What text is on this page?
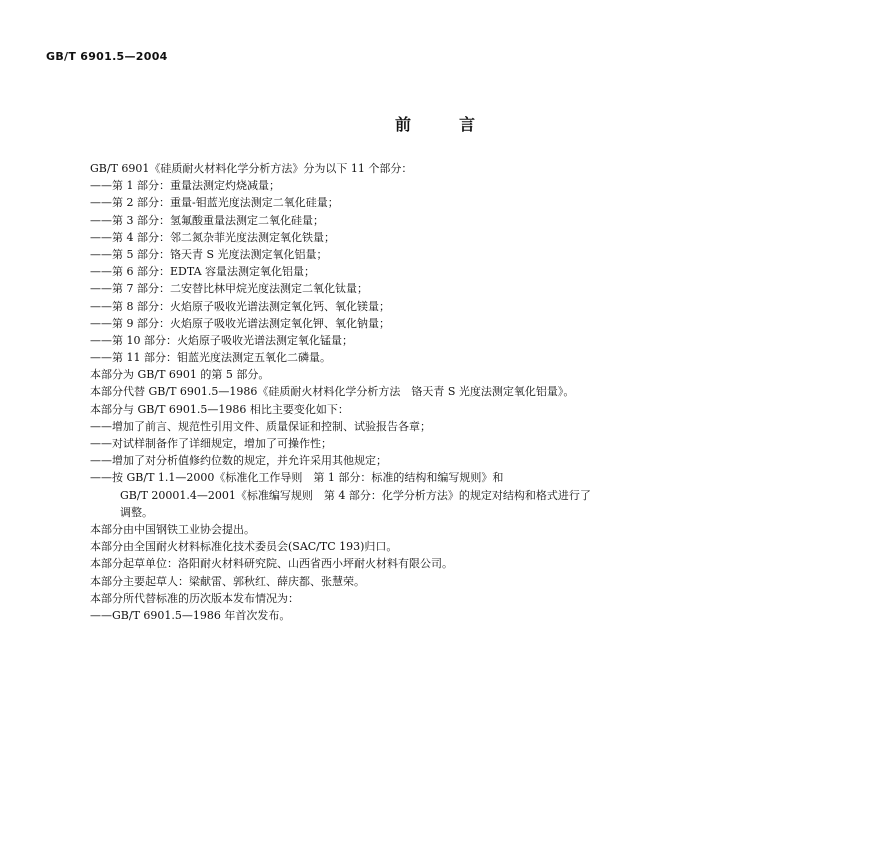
GB/T 6901.5—2004
前	言
GB/T 6901《硅质耐火材料化学分析方法》分为以下 11 个部分：
——第 1 部分：重量法测定灼烧减量；
——第 2 部分：重量-钼蓝光度法测定二氧化硅量；
——第 3 部分：氢氟酸重量法测定二氧化硅量；
——第 4 部分：邻二氮杂菲光度法测定氧化铁量；
——第 5 部分：铬天青 S 光度法测定氧化铝量；
——第 6 部分：EDTA 容量法测定氧化铝量；
——第 7 部分：二安替比林甲烷光度法测定二氧化钛量；
——第 8 部分：火焰原子吸收光谱法测定氧化钙、氧化镁量；
——第 9 部分：火焰原子吸收光谱法测定氧化钾、氧化钠量；
——第 10 部分：火焰原子吸收光谱法测定氧化锰量；
——第 11 部分：钼蓝光度法测定五氧化二磷量。
本部分为 GB/T 6901 的第 5 部分。
本部分代替 GB/T 6901.5—1986《硅质耐火材料化学分析方法　铬天青 S 光度法测定氧化铝量》。
本部分与 GB/T 6901.5—1986 相比主要变化如下：
——增加了前言、规范性引用文件、质量保证和控制、试验报告各章；
——对试样制备作了详细规定，增加了可操作性；
——增加了对分析值修约位数的规定，并允许采用其他规定；
——按 GB/T 1.1—2000《标准化工作导则　第 1 部分：标准的结构和编写规则》和
GB/T 20001.4—2001《标准编写规则　第 4 部分：化学分析方法》的规定对结构和格式进行了
调整。
本部分由中国钢铁工业协会提出。
本部分由全国耐火材料标准化技术委员会(SAC/TC 193)归口。
本部分起草单位：洛阳耐火材料研究院、山西省西小坪耐火材料有限公司。
本部分主要起草人：梁献雷、郭秋红、薛庆都、张慧荣。
本部分所代替标准的历次版本发布情况为：
——GB/T 6901.5—1986 年首次发布。
